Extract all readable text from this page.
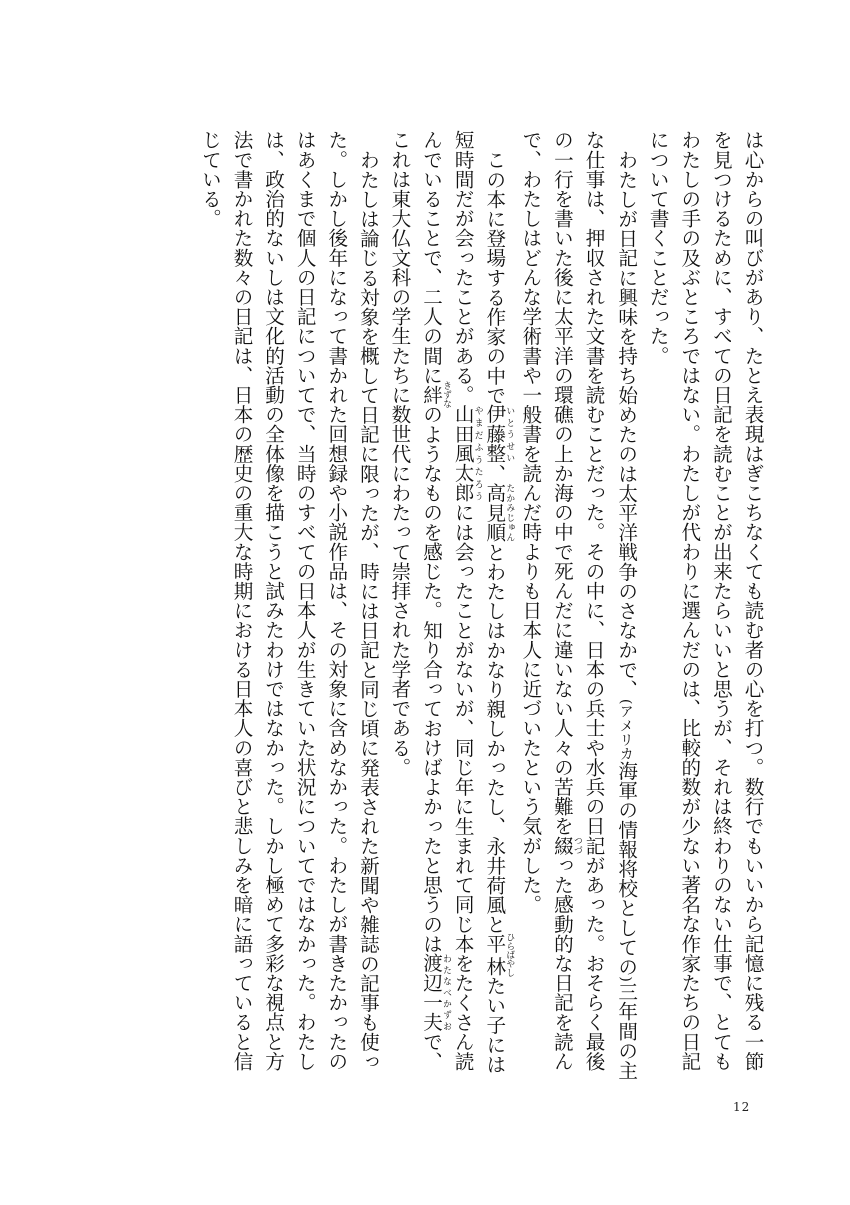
は心からの叫びがあり、たとえ表現はぎこちなくても読む者の心を打つ。数行でもいいから記憶に残る一節を見つけるために、すべての日記を読むことが出来たらいいと思うが、それは終わりのない仕事で、とてもわたしの手の及ぶところではない。わたしが代わりに選んだのは、比較的数が少ない著名な作家たちの日記について書くことだった。

わたしが日記に興味を持ち始めたのは太平洋戦争のさなかで、(アメリカ海軍の情報将校としての)三年間の主な仕事は、押収された文書を読むことだった。その中に、日本の兵士や水兵の日記があった。おそらく最後の一行を書いた後に太平洋の環礁の上か海の中で死んだに違いない人々の苦難を綴つづった感動的な日記を読んで、わたしはどんな学術書や一般書を読んだ時よりも日本人に近づいたという気がした。

この本に登場する作家の中で伊藤整いとうせい、高見順たかみじゅんとわたしはかなり親しかったし、永井荷風と平林ひらばやしたい子には短時間だが会ったことがある。山田風太郎やまだふうたろうには会ったことがないが、同じ年に生まれて同じ本をたくさん読んでいることで、二人の間に絆きずなのようなものを感じた。知り合っておけばよかったと思うのは渡辺一夫わたなべかずおで、これは東大仏文科の学生たちに数世代にわたって崇拝された学者である。

わたしは論じる対象を概して日記に限ったが、時には日記と同じ頃に発表された新聞や雑誌の記事も使った。しかし後年になって書かれた回想録や小説作品は、その対象に含めなかった。わたしが書きたかったのはあくまで個人の日記についてで、当時のすべての日本人が生きていた状況についてではなかった。わたしは、政治的ないしは文化的活動の全体像を描こうと試みたわけではなかった。しかし極めて多彩な視点と方法で書かれた数々の日記は、日本の歴史の重大な時期における日本人の喜びと悲しみを暗に語っていると信じている。

12
